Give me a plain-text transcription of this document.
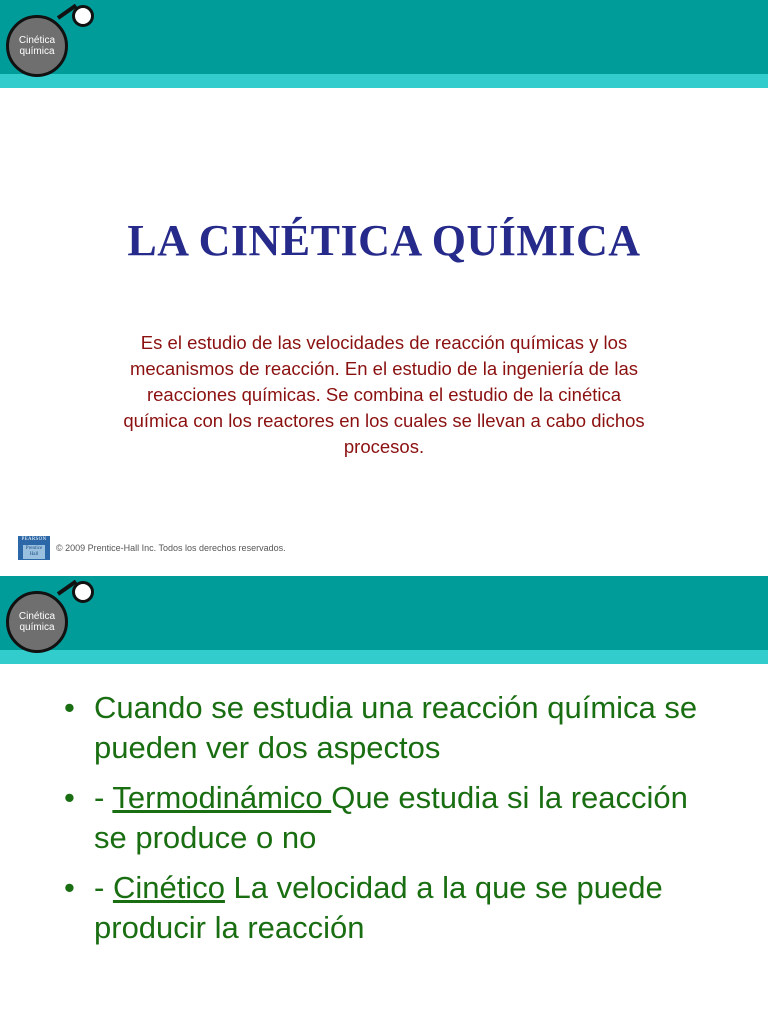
Cinética
química
LA CINÉTICA QUÍMICA
Es el estudio de las velocidades de reacción químicas y los mecanismos de reacción. En el estudio de la ingeniería de las reacciones químicas. Se combina el estudio de la cinética química con los reactores en los cuales se llevan a cabo dichos procesos.
PEARSON
Prentice
Hall
© 2009 Prentice-Hall Inc. Todos los derechos reservados.
Cinética
química
• Cuando se estudia una reacción química se pueden ver dos aspectos
• - Termodinámico Que estudia si la reacción se produce o no
• - Cinético La velocidad a la que se puede producir la reacción
